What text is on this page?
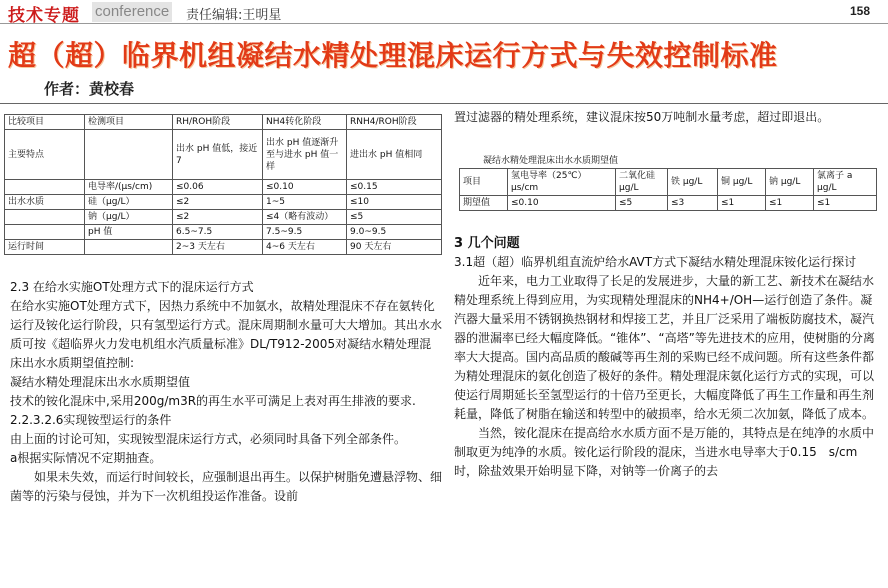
技术专题 conference 责任编辑:王明星	158
超（超）临界机组凝结水精处理混床运行方式与失效控制标准
作者：黄校春
比较项目	检测项目	RH/ROH阶段	NH4转化阶段	RNH4/ROH阶段
主要特点		出水 pH 值低，接近7	出水 pH 值逐渐升至与进水 pH 值一样	进出水 pH 值相同
	电导率/(μs/cm)	≤0.06	≤0.10	≤0.15
出水水质	硅（μg/L）	≤2	1~5	≤10
	钠（μg/L）	≤2	≤4（略有波动）	≤5
	pH 值	6.5~7.5	7.5~9.5	9.0~9.5
运行时间		2~3 天左右	4~6 天左右	90 天左右
2.3 在给水实施OT处理方式下的混床运行方式
在给水实施OT处理方式下，因热力系统中不加氨水，故精处理混床不存在氨转化运行及铵化运行阶段，只有氢型运行方式。混床周期制水量可大大增加。其出水水质可按《超临界火力发电机组水汽质量标准》DL/T912-2005对凝结水精处理混床出水水质期望值控制:
凝结水精处理混床出水水质期望值
技术的铵化混床中,采用200g/m3R的再生水平可满足上表对再生排液的要求.
2.2.3.2.6实现铵型运行的条件
由上面的讨论可知，实现铵型混床运行方式，必须同时具备下列全部条件。
a根据实际情况不定期抽查。
如果未失效，而运行时间较长，应强制退出再生。以保护树脂免遭悬浮物、细菌等的污染与侵蚀，并为下一次机组投运作准备。设前
置过滤器的精处理系统，建议混床按50万吨制水量考虑，超过即退出。
凝结水精处理混床出水水质期望值
项目	氢电导率（25℃）μs/cm	二氧化硅 μg/L	铁 μg/L	铜 μg/L	钠 μg/L	氯离子 a μg/L
期望值	≤0.10	≤5	≤3	≤1	≤1	≤1
3 几个问题
3.1超（超）临界机组直流炉给水AVT方式下凝结水精处理混床铵化运行探讨
近年来，电力工业取得了长足的发展进步，大量的新工艺、新技术在凝结水精处理系统上得到应用，为实现精处理混床的NH4+/OH—运行创造了条件。凝汽器大量采用不锈钢换热钢材和焊接工艺，并且厂泛采用了端板防腐技术，凝汽器的泄漏率已经大幅度降低。“锥体”、“高塔”等先进技术的应用，使树脂的分离率大大提高。国内高品质的酸碱等再生剂的采购已经不成问题。所有这些条件都为精处理混床的氨化创造了极好的条件。精处理混床氨化运行方式的实现，可以使运行周期延长至氢型运行的十倍乃至更长，大幅度降低了再生工作量和再生剂耗量，降低了树脂在输送和转型中的破损率，给水无须二次加氨，降低了成本。
当然，铵化混床在提高给水水质方面不是万能的，其特点是在纯净的水质中制取更为纯净的水质。铵化运行阶段的混床，当进水电导率大于0.15　s/cm时，除盐效果开始明显下降，对钠等一价离子的去
